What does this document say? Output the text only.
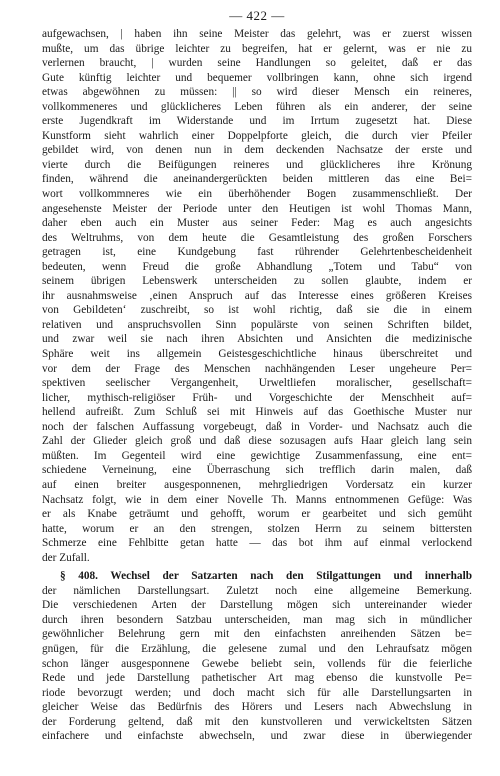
— 422 —
aufgewachsen, | haben ihn seine Meister das gelehrt, was er zuerst wissen
mußte, um das übrige leichter zu begreifen, hat er gelernt, was er nie zu
verlernen braucht, | wurden seine Handlungen so geleitet, daß er das
Gute künftig leichter und bequemer vollbringen kann, ohne sich irgend
etwas abgewöhnen zu müssen: || so wird dieser Mensch ein reineres,
vollkommeneres und glücklicheres Leben führen als ein anderer, der seine
erste Jugendkraft im Widerstande und im Irrtum zugesetzt hat. Diese
Kunstform sieht wahrlich einer Doppelpforte gleich, die durch vier Pfeiler
gebildet wird, von denen nun in dem deckenden Nachsatze der erste und
vierte durch die Beifügungen reineres und glücklicheres ihre Krönung
finden, während die aneinandergerückten beiden mittleren das eine Bei=
wort vollkommneres wie ein überhöhender Bogen zusammenschließt. Der
angesehenste Meister der Periode unter den Heutigen ist wohl Thomas Mann,
daher eben auch ein Muster aus seiner Feder: Mag es auch angesichts
des Weltruhms, von dem heute die Gesamtleistung des großen Forschers
getragen ist, eine Kundgebung fast rührender Gelehrtenbescheidenheit
bedeuten, wenn Freud die große Abhandlung „Totem und Tabu“ von
seinem übrigen Lebenswerk unterscheiden zu sollen glaubte, indem er
ihr ausnahmsweise ‚einen Anspruch auf das Interesse eines größeren Kreises
von Gebildeten‘ zuschreibt, so ist wohl richtig, daß sie die in einem
relativen und anspruchsvollen Sinn populärste von seinen Schriften bildet,
und zwar weil sie nach ihren Absichten und Ansichten die medizinische
Sphäre weit ins allgemein Geistesgeschichtliche hinaus überschreitet und
vor dem der Frage des Menschen nachhängenden Leser ungeheure Per=
spektiven seelischer Vergangenheit, Urweltliefen moralischer, gesellschaft=
licher, mythisch-religiöser Früh- und Vorgeschichte der Menschheit auf=
hellend aufreißt. Zum Schluß sei mit Hinweis auf das Goethische Muster nur
noch der falschen Auffassung vorgebeugt, daß in Vorder- und Nachsatz auch die
Zahl der Glieder gleich groß und daß diese sozusagen aufs Haar gleich lang sein
müßten. Im Gegenteil wird eine gewichtige Zusammenfassung, eine ent=
schiedene Verneinung, eine Überraschung sich trefflich darin malen, daß
auf einen breiter ausgesponnenen, mehrgliedrigen Vordersatz ein kurzer
Nachsatz folgt, wie in dem einer Novelle Th. Manns entnommenen Gefüge: Was
er als Knabe geträumt und gehofft, worum er gearbeitet und sich gemüht
hatte, worum er an den strengen, stolzen Herrn zu seinem bittersten
Schmerze eine Fehlbitte getan hatte — das bot ihm auf einmal verlockend
der Zufall.
§ 408. Wechsel der Satzarten nach den Stilgattungen und innerhalb
der nämlichen Darstellungsart. Zuletzt noch eine allgemeine Bemerkung.
Die verschiedenen Arten der Darstellung mögen sich untereinander wieder
durch ihren besondern Satzbau unterscheiden, man mag sich in mündlicher
gewöhnlicher Belehrung gern mit den einfachsten anreihenden Sätzen be=
gnügen, für die Erzählung, die gelesene zumal und den Lehraufsatz mögen
schon länger ausgesponnene Gewebe beliebt sein, vollends für die feierliche
Rede und jede Darstellung pathetischer Art mag ebenso die kunstvolle Pe=
riode bevorzugt werden; und doch macht sich für alle Darstellungsarten in
gleicher Weise das Bedürfnis des Hörers und Lesers nach Abwechslung in
der Forderung geltend, daß mit den kunstvolleren und verwickeltsten Sätzen
einfachere und einfachste abwechseln, und zwar diese in überwiegender
